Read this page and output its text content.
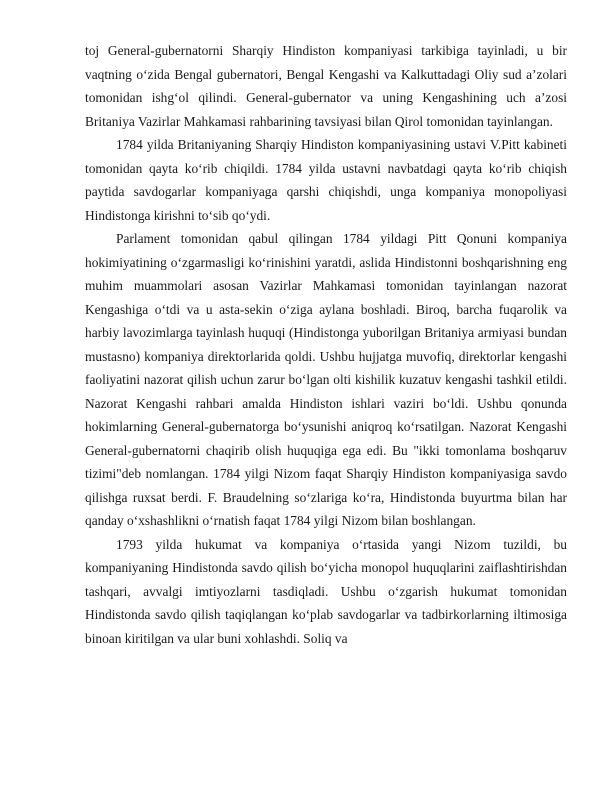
toj General-gubernatorni Sharqiy Hindiston kompaniyasi tarkibiga tayinladi, u bir vaqtning o‘zida Bengal gubernatori, Bengal Kengashi va Kalkuttadagi Oliy sud a’zolari tomonidan ishg‘ol qilindi. General-gubernator va uning Kengashining uch a’zosi Britaniya Vazirlar Mahkamasi rahbarining tavsiyasi bilan Qirol tomonidan tayinlangan.

1784 yilda Britaniyaning Sharqiy Hindiston kompaniyasining ustavi V.Pitt kabineti tomonidan qayta ko‘rib chiqildi. 1784 yilda ustavni navbatdagi qayta ko‘rib chiqish paytida savdogarlar kompaniyaga qarshi chiqishdi, unga kompaniya monopoliyasi Hindistonga kirishni to‘sib qo‘ydi.

Parlament tomonidan qabul qilingan 1784 yildagi Pitt Qonuni kompaniya hokimiyatining o‘zgarmasligi ko‘rinishini yaratdi, aslida Hindistonni boshqarishning eng muhim muammolari asosan Vazirlar Mahkamasi tomonidan tayinlangan nazorat Kengashiga o‘tdi va u asta-sekin o‘ziga aylana boshladi. Biroq, barcha fuqarolik va harbiy lavozimlarga tayinlash huquqi (Hindistonga yuborilgan Britaniya armiyasi bundan mustasno) kompaniya direktorlarida qoldi. Ushbu hujjatga muvofiq, direktorlar kengashi faoliyatini nazorat qilish uchun zarur bo‘lgan olti kishilik kuzatuv kengashi tashkil etildi. Nazorat Kengashi rahbari amalda Hindiston ishlari vaziri bo‘ldi. Ushbu qonunda hokimlarning General-gubernatorga bo‘ysunishi aniqroq ko‘rsatilgan. Nazorat Kengashi General-gubernatorni chaqirib olish huquqiga ega edi. Bu "ikki tomonlama boshqaruv tizimi"deb nomlangan. 1784 yilgi Nizom faqat Sharqiy Hindiston kompaniyasiga savdo qilishga ruxsat berdi. F. Braudelning so‘zlariga ko‘ra, Hindistonda buyurtma bilan har qanday o‘xshashlikni o‘rnatish faqat 1784 yilgi Nizom bilan boshlangan.

1793 yilda hukumat va kompaniya o‘rtasida yangi Nizom tuzildi, bu kompaniyaning Hindistonda savdo qilish bo‘yicha monopol huquqlarini zaiflashtirishdan tashqari, avvalgi imtiyozlarni tasdiqladi. Ushbu o‘zgarish hukumat tomonidan Hindistonda savdo qilish taqiqlangan ko‘plab savdogarlar va tadbirkorlarning iltimosiga binoan kiritilgan va ular buni xohlashdi. Soliq va
